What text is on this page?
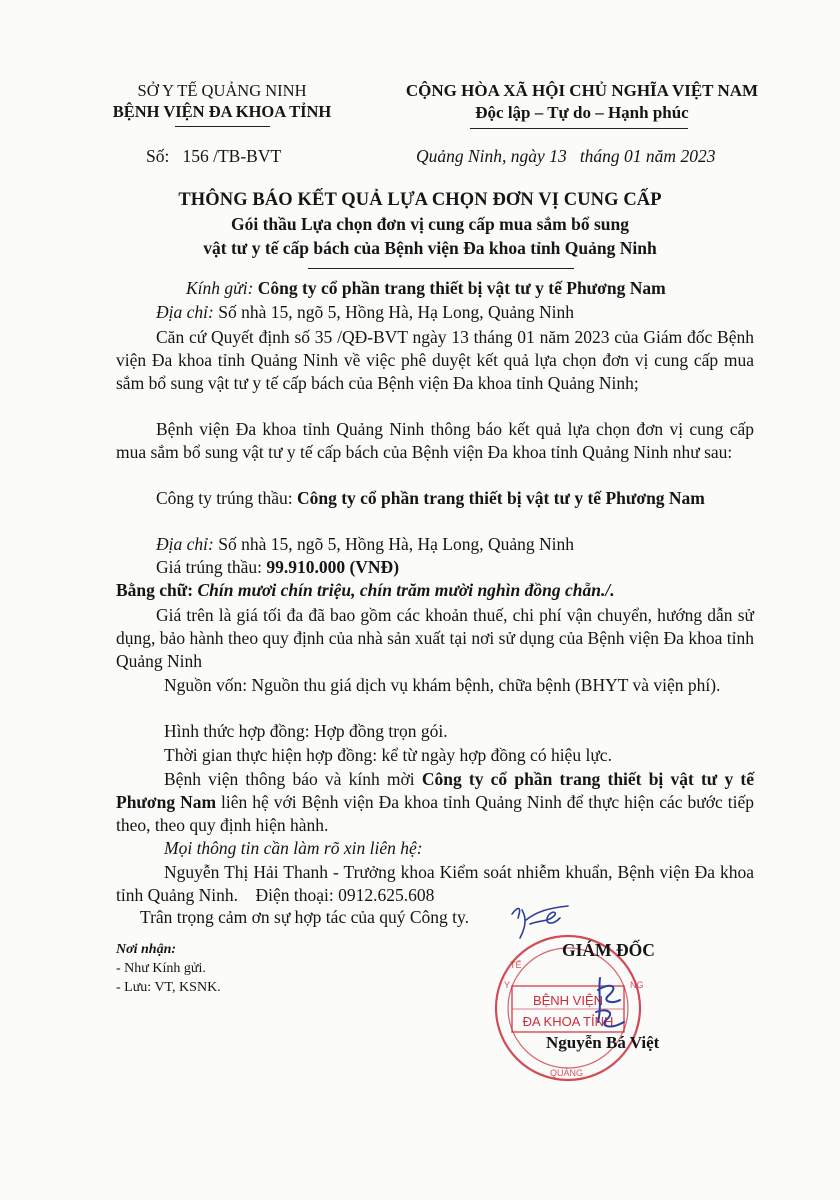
SỞ Y TẾ QUẢNG NINH
BỆNH VIỆN ĐA KHOA TỈNH
CỘNG HÒA XÃ HỘI CHỦ NGHĨA VIỆT NAM
Độc lập – Tự do – Hạnh phúc
Số: 156 /TB-BVT	Quảng Ninh, ngày 13   tháng 01 năm 2023
THÔNG BÁO KẾT QUẢ LỰA CHỌN ĐƠN VỊ CUNG CẤP
Gói thầu Lựa chọn đơn vị cung cấp mua sắm bổ sung
vật tư y tế cấp bách của Bệnh viện Đa khoa tỉnh Quảng Ninh
Kính gửi: Công ty cổ phần trang thiết bị vật tư y tế Phương Nam
Địa chỉ: Số nhà 15, ngõ 5, Hồng Hà, Hạ Long, Quảng Ninh
Căn cứ Quyết định số 35 /QĐ-BVT ngày 13 tháng 01 năm 2023 của Giám đốc Bệnh viện Đa khoa tỉnh Quảng Ninh về việc phê duyệt kết quả lựa chọn đơn vị cung cấp mua sắm bổ sung vật tư y tế cấp bách của Bệnh viện Đa khoa tỉnh Quảng Ninh;
Bệnh viện Đa khoa tỉnh Quảng Ninh thông báo kết quả lựa chọn đơn vị cung cấp mua sắm bổ sung vật tư y tế cấp bách của Bệnh viện Đa khoa tỉnh Quảng Ninh như sau:
Công ty trúng thầu: Công ty cổ phần trang thiết bị vật tư y tế Phương Nam
Địa chỉ: Số nhà 15, ngõ 5, Hồng Hà, Hạ Long, Quảng Ninh
Giá trúng thầu: 99.910.000 (VNĐ)
Bằng chữ: Chín mươi chín triệu, chín trăm mười nghìn đồng chẵn./.
Giá trên là giá tối đa đã bao gồm các khoản thuế, chi phí vận chuyển, hướng dẫn sử dụng, bảo hành theo quy định của nhà sản xuất tại nơi sử dụng của Bệnh viện Đa khoa tỉnh Quảng Ninh
Nguồn vốn: Nguồn thu giá dịch vụ khám bệnh, chữa bệnh (BHYT và viện phí).
Hình thức hợp đồng: Hợp đồng trọn gói.
Thời gian thực hiện hợp đồng: kể từ ngày hợp đồng có hiệu lực.
Bệnh viện thông báo và kính mời Công ty cổ phần trang thiết bị vật tư y tế Phương Nam liên hệ với Bệnh viện Đa khoa tỉnh Quảng Ninh để thực hiện các bước tiếp theo, theo quy định hiện hành.
Mọi thông tin cần làm rõ xin liên hệ:
Nguyễn Thị Hải Thanh - Trưởng khoa Kiểm soát nhiễm khuẩn, Bệnh viện Đa khoa tỉnh Quảng Ninh. Điện thoại: 0912.625.608
Trân trọng cảm ơn sự hợp tác của quý Công ty.
Nơi nhận:
- Như Kính gửi.
- Lưu: VT, KSNK.
BỆNH VIỆN
ĐA KHOA TỈNH
Y
TẾ
NG
QUẢNG
GIÁM ĐỐC
Nguyễn Bá Việt
